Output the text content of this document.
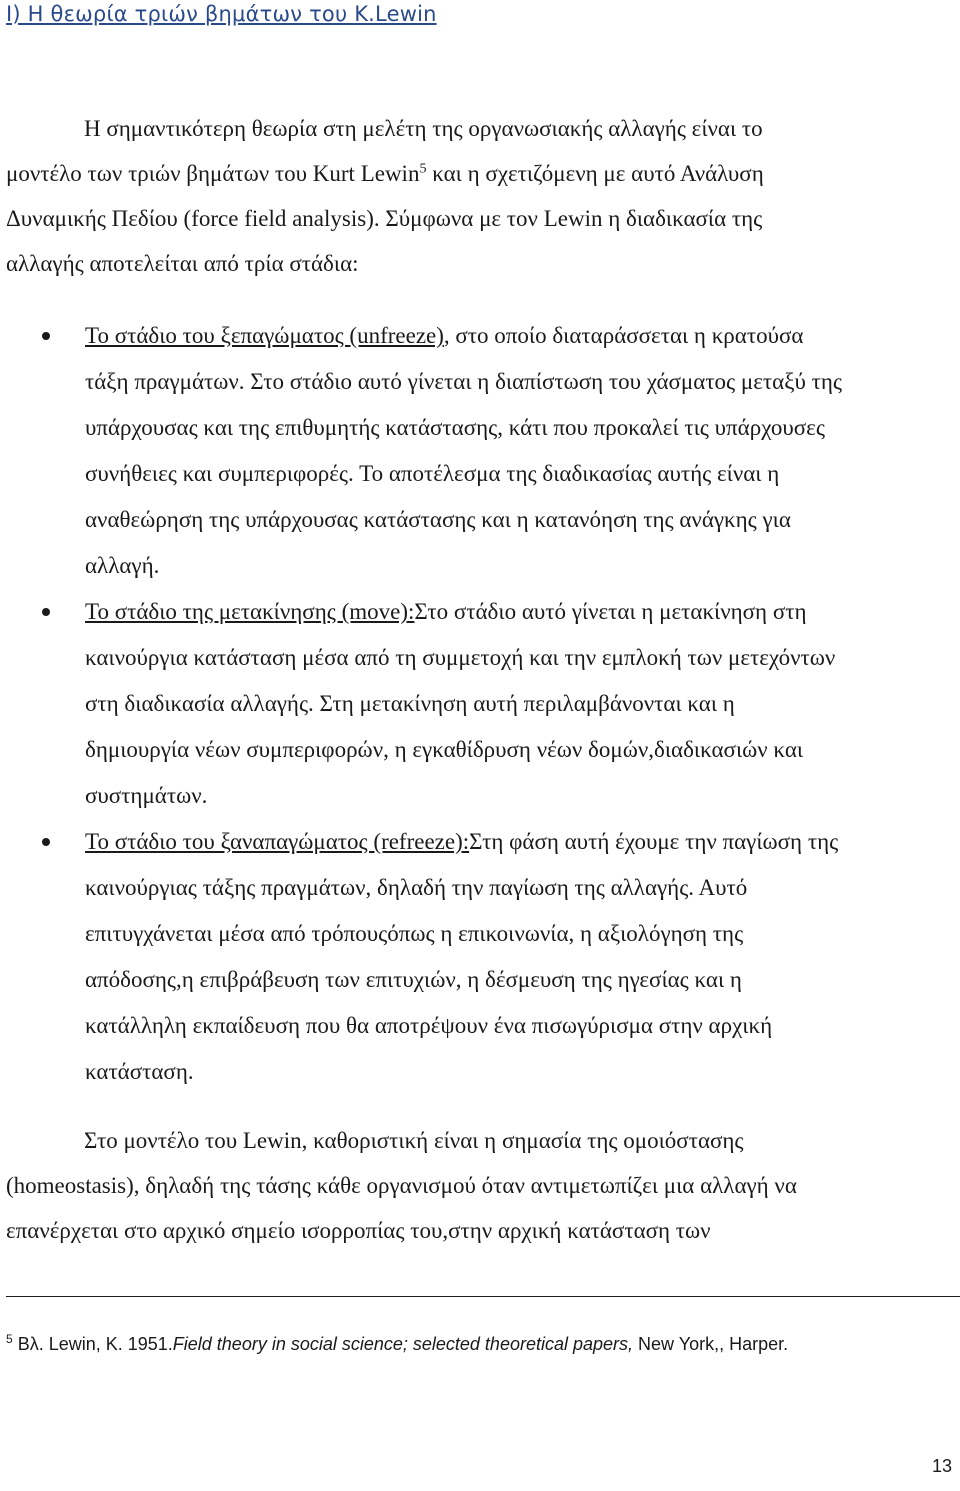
I) Η θεωρία τριών βημάτων του K.Lewin

Η σημαντικότερη θεωρία στη μελέτη της οργανωσιακής αλλαγής είναι το
μοντέλο των τριών βημάτων του Kurt Lewin$^5$ και η σχετιζόμενη με αυτό Ανάλυση
Δυναμικής Πεδίου (force field analysis). Σύμφωνα με τον Lewin η διαδικασία της
αλλαγής αποτελείται από τρία στάδια:

Το στάδιο του ξεπαγώματος (unfreeze), στο οποίο διαταράσσεται η κρατούσα
τάξη πραγμάτων. Στο στάδιο αυτό γίνεται η διαπίστωση του χάσματος μεταξύ της
υπάρχουσας και της επιθυμητής κατάστασης, κάτι που προκαλεί τις υπάρχουσες
συνήθειες και συμπεριφορές. Το αποτέλεσμα της διαδικασίας αυτής είναι η
αναθεώρηση της υπάρχουσας κατάστασης και η κατανόηση της ανάγκης για
αλλαγή.
Το στάδιο της μετακίνησης (move):Στο στάδιο αυτό γίνεται η μετακίνηση στη
καινούργια κατάσταση μέσα από τη συμμετοχή και την εμπλοκή των μετεχόντων
στη διαδικασία αλλαγής. Στη μετακίνηση αυτή περιλαμβάνονται και η
δημιουργία νέων συμπεριφορών, η εγκαθίδρυση νέων δομών,διαδικασιών και
συστημάτων.
Το στάδιο του ξαναπαγώματος (refreeze):Στη φάση αυτή έχουμε την παγίωση της
καινούργιας τάξης πραγμάτων, δηλαδή την παγίωση της αλλαγής. Αυτό
επιτυγχάνεται μέσα από τρόπουςόπως η επικοινωνία, η αξιολόγηση της
απόδοσης,η επιβράβευση των επιτυχιών, η δέσμευση της ηγεσίας και η
κατάλληλη εκπαίδευση που θα αποτρέψουν ένα πισωγύρισμα στην αρχική
κατάσταση.

Στο μοντέλο του Lewin, καθοριστική είναι η σημασία της ομοιόστασης
(homeostasis), δηλαδή της τάσης κάθε οργανισμού όταν αντιμετωπίζει μια αλλαγή να
επανέρχεται στο αρχικό σημείο ισορροπίας του,στην αρχική κατάσταση των

$^5$ Βλ. Lewin, K. 1951.Field theory in social science; selected theoretical papers, New York,, Harper.

13
